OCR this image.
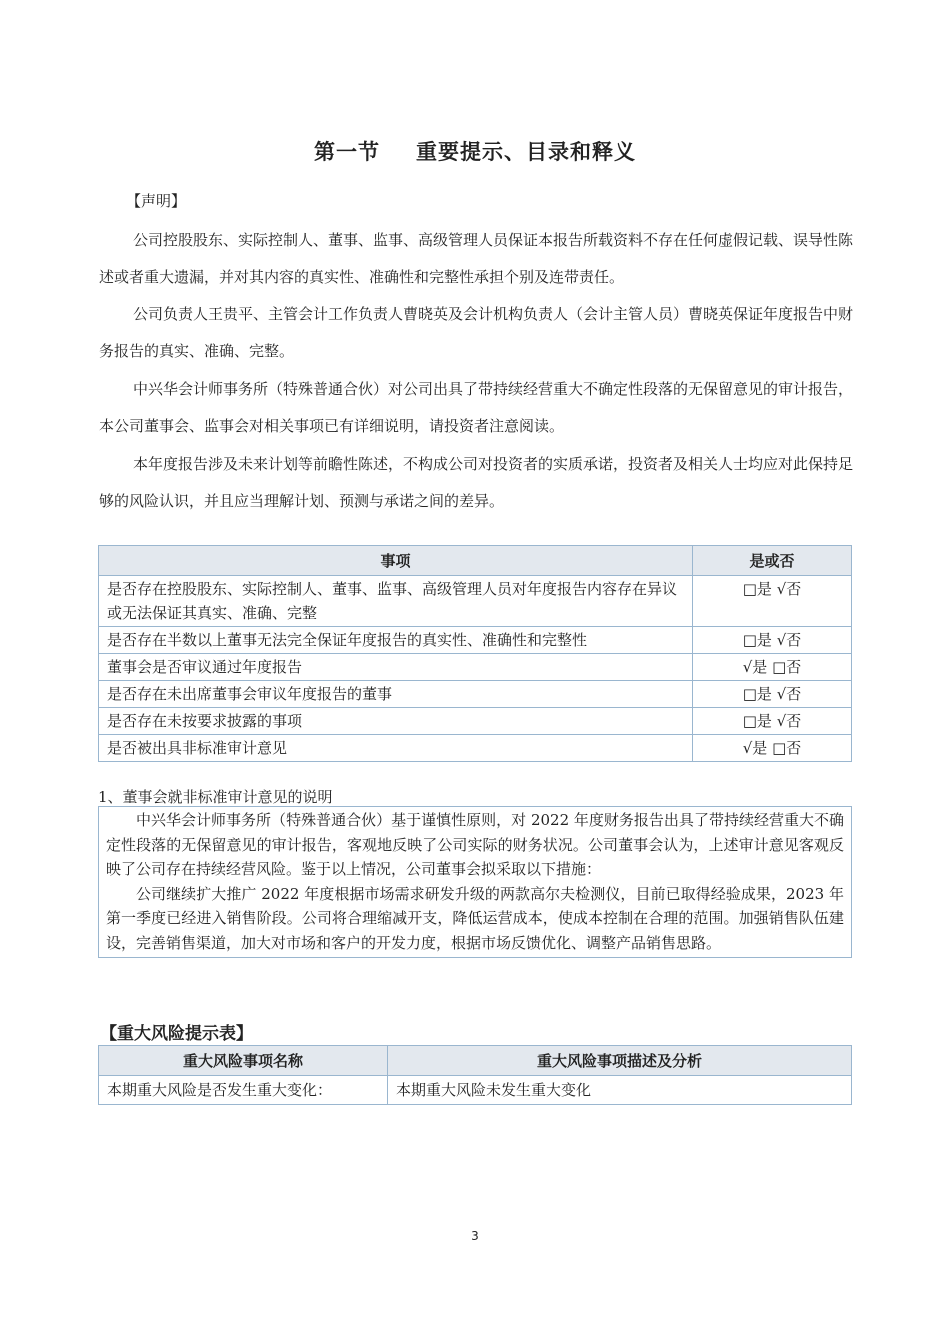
第一节 重要提示、目录和释义
【声明】

公司控股股东、实际控制人、董事、监事、高级管理人员保证本报告所载资料不存在任何虚假记载、误导性陈述或者重大遗漏，并对其内容的真实性、准确性和完整性承担个别及连带责任。

公司负责人王贵平、主管会计工作负责人曹晓英及会计机构负责人（会计主管人员）曹晓英保证年度报告中财务报告的真实、准确、完整。

中兴华会计师事务所（特殊普通合伙）对公司出具了带持续经营重大不确定性段落的无保留意见的审计报告，本公司董事会、监事会对相关事项已有详细说明，请投资者注意阅读。

本年度报告涉及未来计划等前瞻性陈述，不构成公司对投资者的实质承诺，投资者及相关人士均应对此保持足够的风险认识，并且应当理解计划、预测与承诺之间的差异。

事项	是或否
是否存在控股股东、实际控制人、董事、监事、高级管理人员对年度报告内容存在异议或无法保证其真实、准确、完整	□是 √否
是否存在半数以上董事无法完全保证年度报告的真实性、准确性和完整性	□是 √否
董事会是否审议通过年度报告	√是 □否
是否存在未出席董事会审议年度报告的董事	□是 √否
是否存在未按要求披露的事项	□是 √否
是否被出具非标准审计意见	√是 □否
1、董事会就非标准审计意见的说明

中兴华会计师事务所（特殊普通合伙）基于谨慎性原则，对 2022 年度财务报告出具了带持续经营重大不确定性段落的无保留意见的审计报告，客观地反映了公司实际的财务状况。公司董事会认为，上述审计意见客观反映了公司存在持续经营风险。鉴于以上情况，公司董事会拟采取以下措施：

公司继续扩大推广 2022 年度根据市场需求研发升级的两款高尔夫检测仪，目前已取得经验成果，2023 年第一季度已经进入销售阶段。公司将合理缩减开支，降低运营成本，使成本控制在合理的范围。加强销售队伍建设，完善销售渠道，加大对市场和客户的开发力度，根据市场反馈优化、调整产品销售思路。

【重大风险提示表】
重大风险事项名称	重大风险事项描述及分析
本期重大风险是否发生重大变化：	本期重大风险未发生重大变化
3
